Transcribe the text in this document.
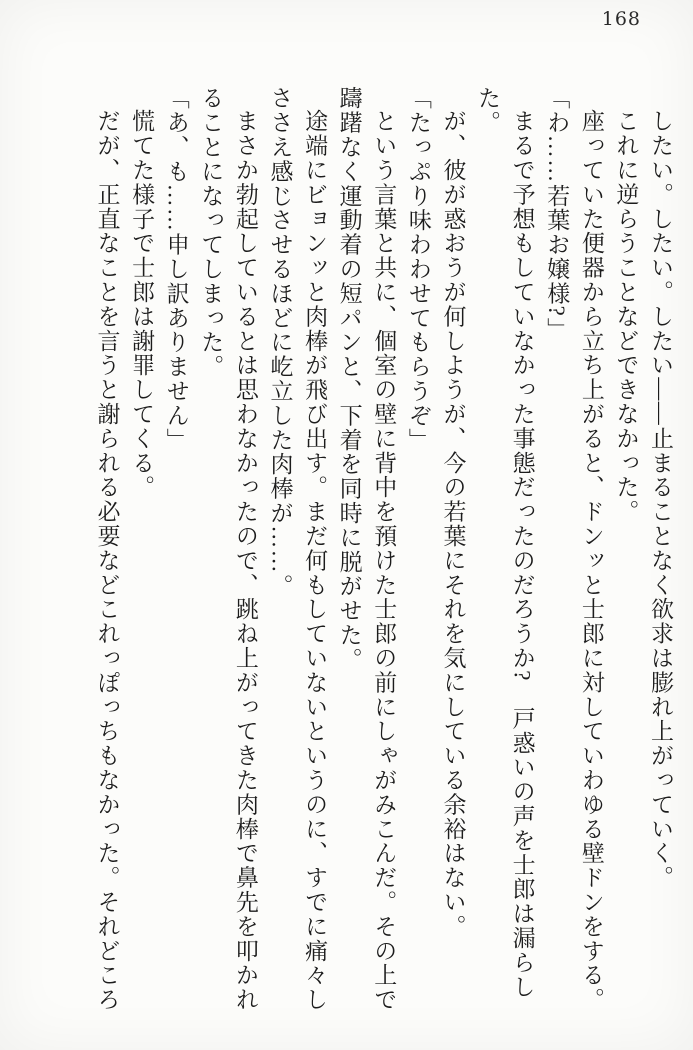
168

したい。したい。したい――止まることなく欲求は膨れ上がっていく。

これに逆らうことなどできなかった。

座っていた便器から立ち上がると、ドンッと士郎に対していわゆる壁ドンをする。

「わ……若葉お嬢様?」

まるで予想もしていなかった事態だったのだろうか?　戸惑いの声を士郎は漏らした。

が、彼が惑おうが何しようが、今の若葉にそれを気にしている余裕はない。

「たっぷり味わわせてもらうぞ」

という言葉と共に、個室の壁に背中を預けた士郎の前にしゃがみこんだ。その上で躊躇なく運動着の短パンと、下着を同時に脱がせた。

途端にビョンッと肉棒が飛び出す。まだ何もしていないというのに、すでに痛々しささえ感じさせるほどに屹立した肉棒が……。

まさか勃起しているとは思わなかったので、跳ね上がってきた肉棒で鼻先を叩かれることになってしまった。

「あ、も……申し訳ありません」

慌てた様子で士郎は謝罪してくる。

だが、正直なことを言うと謝られる必要などこれっぽっちもなかった。それどころ
